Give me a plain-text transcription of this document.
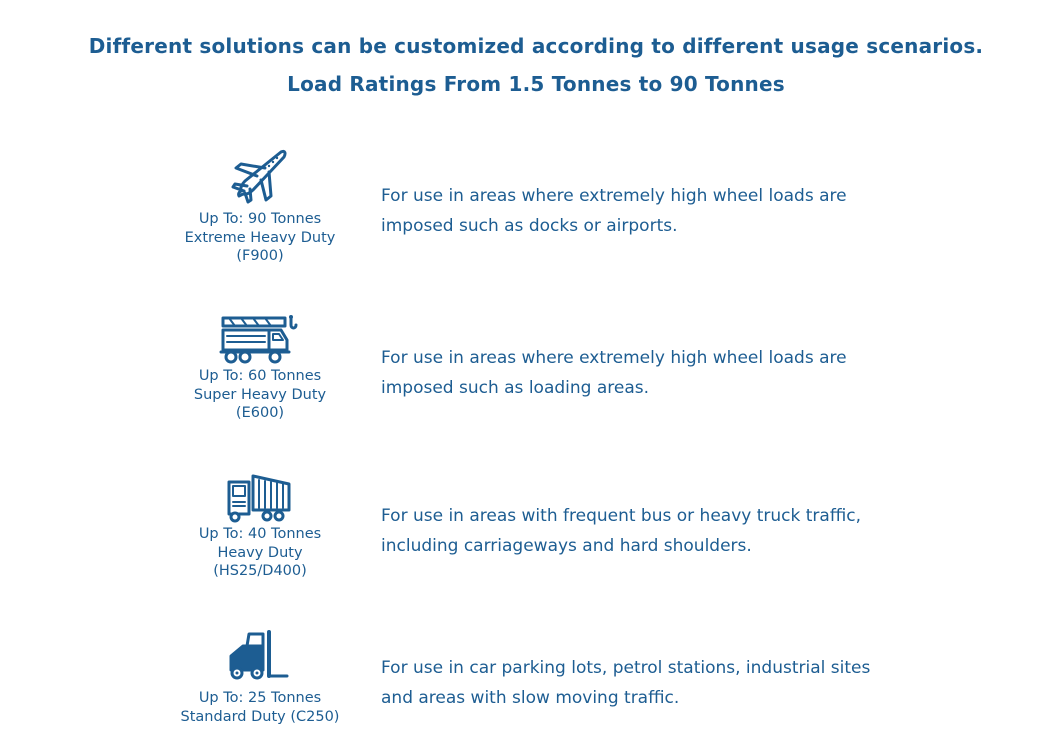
Different solutions can be customized according to different usage scenarios.
Load Ratings From 1.5 Tonnes to 90 Tonnes
Up To: 90 Tonnes
Extreme Heavy Duty
(F900)
For use in areas where extremely high wheel loads are
imposed such as docks or airports.
Up To: 60 Tonnes
Super Heavy Duty
(E600)
For use in areas where extremely high wheel loads are
imposed such as loading areas.
Up To: 40 Tonnes
Heavy Duty
(HS25/D400)
For use in areas with frequent bus or heavy truck traffic,
including carriageways and hard shoulders.
Up To: 25 Tonnes
Standard Duty (C250)
For use in car parking lots, petrol stations, industrial sites
and areas with slow moving traffic.
